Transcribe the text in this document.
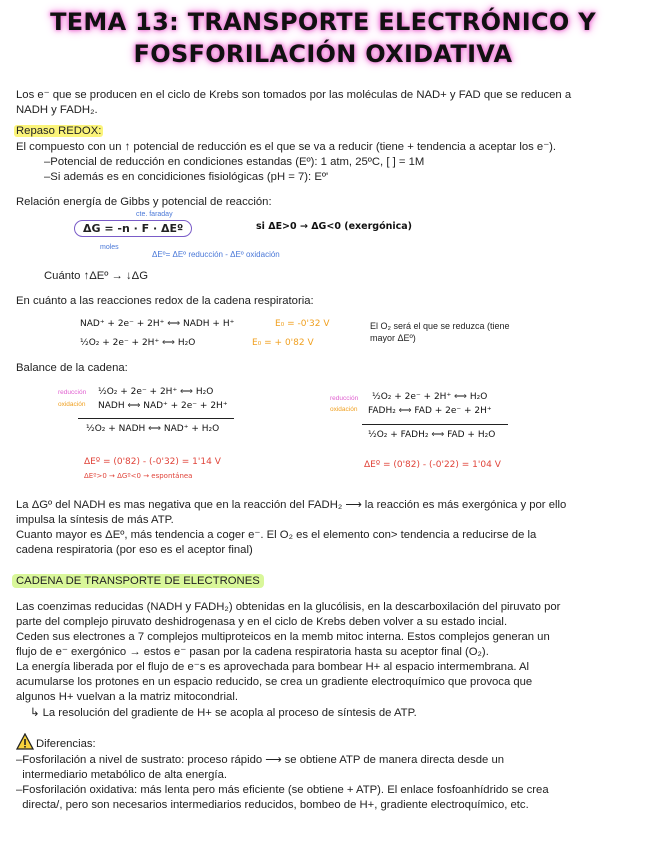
TEMA 13: TRANSPORTE ELECTRÓNICO Y
FOSFORILACIÓN OXIDATIVA
Los e⁻ que se producen en el ciclo de Krebs son tomados por las moléculas de NAD+ y FAD que se reducen a
NADH y FADH₂.
Repaso REDOX:
El compuesto con un ↑ potencial de reducción es el que se va a reducir (tiene + tendencia a aceptar los e⁻).
–Potencial de reducción en condiciones estandas (Eº): 1 atm, 25ºC, [ ] = 1M
–Si además es en concidiciones fisiológicas (pH = 7): Eº'
Relación energía de Gibbs y potencial de reacción:
cte. faraday
ΔG = -n · F · ΔEº
moles
ΔEº= ΔEº reducción - ΔEº oxidación
si ΔE>0 → ΔG<0 (exergónica)
Cuánto ↑ΔEº → ↓ΔG
En cuánto a las reacciones redox de la cadena respiratoria:
NAD⁺ + 2e⁻ + 2H⁺ ⟺ NADH + H⁺	E₀ = -0'32 V
½O₂ + 2e⁻ + 2H⁺ ⟺ H₂O	E₀ = + 0'82 V
El O₂ será el que se reduzca (tiene mayor ΔEº)
Balance de la cadena:
reducción
oxidación
½O₂ + 2e⁻ + 2H⁺ ⟺ H₂O
NADH ⟺ NAD⁺ + 2e⁻ + 2H⁺
½O₂ + NADH ⟺ NAD⁺ + H₂O
ΔEº = (0'82) - (-0'32) = 1'14 V
ΔEº>0 → ΔGº<0 → espontánea
reducción
oxidación
½O₂ + 2e⁻ + 2H⁺ ⟺ H₂O
FADH₂ ⟺ FAD + 2e⁻ + 2H⁺
½O₂ + FADH₂ ⟺ FAD + H₂O
ΔEº = (0'82) - (-0'22) = 1'04 V
La ΔGº del NADH es mas negativa que en la reacción del FADH₂ ⟶ la reacción es más exergónica y por ello
impulsa la síntesis de más ATP.
Cuanto mayor es ΔEº, más tendencia a coger e⁻. El O₂ es el elemento con> tendencia a reducirse de la
cadena respiratoria (por eso es el aceptor final)
CADENA DE TRANSPORTE DE ELECTRONES
Las coenzimas reducidas (NADH y FADH₂) obtenidas en la glucólisis, en la descarboxilación del piruvato por
parte del complejo piruvato deshidrogenasa y en el ciclo de Krebs deben volver a su estado incial.
Ceden sus electrones a 7 complejos multiproteicos en la memb mitoc interna. Estos complejos generan un
flujo de e⁻ exergónico → estos e⁻ pasan por la cadena respiratoria hasta su aceptor final (O₂).
La energía liberada por el flujo de e⁻s es aprovechada para bombear H+ al espacio intermembrana. Al
acumularse los protones en un espacio reducido, se crea un gradiente electroquímico que provoca que
algunos H+ vuelvan a la matriz mitocondrial.
↳ La resolución del gradiente de H+ se acopla al proceso de síntesis de ATP.
Diferencias:
–Fosforilación a nivel de sustrato: proceso rápido ⟶ se obtiene ATP de manera directa desde un
intermediario metabólico de alta energía.
–Fosforilación oxidativa: más lenta pero más eficiente (se obtiene + ATP). El enlace fosfoanhídrido se crea
directa/, pero son necesarios intermediarios reducidos, bombeo de H+, gradiente electroquímico, etc.
